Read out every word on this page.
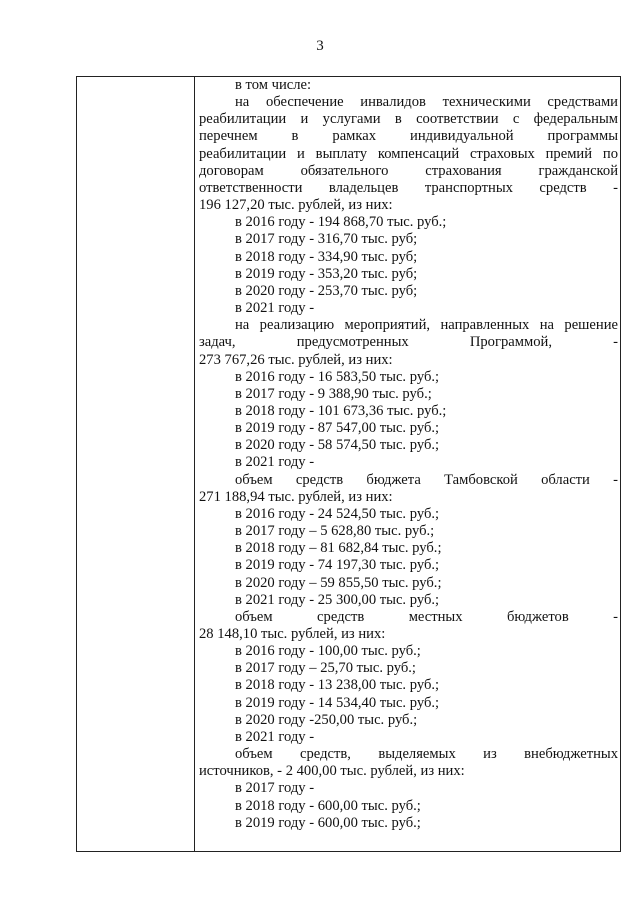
3
в том числе:
на обеспечение инвалидов техническими средствами
реабилитации и услугами в соответствии с федеральным
перечнем в рамках индивидуальной программы
реабилитации и выплату компенсаций страховых премий по
договорам обязательного страхования гражданской
ответственности владельцев транспортных средств -
196 127,20 тыс. рублей, из них:
в 2016 году - 194 868,70 тыс. руб.;
в 2017 году - 316,70 тыс. руб;
в 2018 году - 334,90 тыс. руб;
в 2019 году - 353,20 тыс. руб;
в 2020 году - 253,70 тыс. руб;
в 2021 году -
на реализацию мероприятий, направленных на решение
задач, предусмотренных Программой, -
273 767,26 тыс. рублей, из них:
в 2016 году - 16 583,50 тыс. руб.;
в 2017 году - 9 388,90 тыс. руб.;
в 2018 году - 101 673,36 тыс. руб.;
в 2019 году - 87 547,00 тыс. руб.;
в 2020 году - 58 574,50 тыс. руб.;
в 2021 году -
объем средств бюджета Тамбовской области -
271 188,94 тыс. рублей, из них:
в 2016 году - 24 524,50 тыс. руб.;
в 2017 году – 5 628,80 тыс. руб.;
в 2018 году – 81 682,84 тыс. руб.;
в 2019 году - 74 197,30 тыс. руб.;
в 2020 году – 59 855,50 тыс. руб.;
в 2021 году - 25 300,00 тыс. руб.;
объем средств местных бюджетов -
28 148,10 тыс. рублей, из них:
в 2016 году - 100,00 тыс. руб.;
в 2017 году – 25,70 тыс. руб.;
в 2018 году - 13 238,00 тыс. руб.;
в 2019 году - 14 534,40 тыс. руб.;
в 2020 году -250,00 тыс. руб.;
в 2021 году -
объем средств, выделяемых из внебюджетных
источников, - 2 400,00 тыс. рублей, из них:
в 2017 году -
в 2018 году - 600,00 тыс. руб.;
в 2019 году - 600,00 тыс. руб.;
